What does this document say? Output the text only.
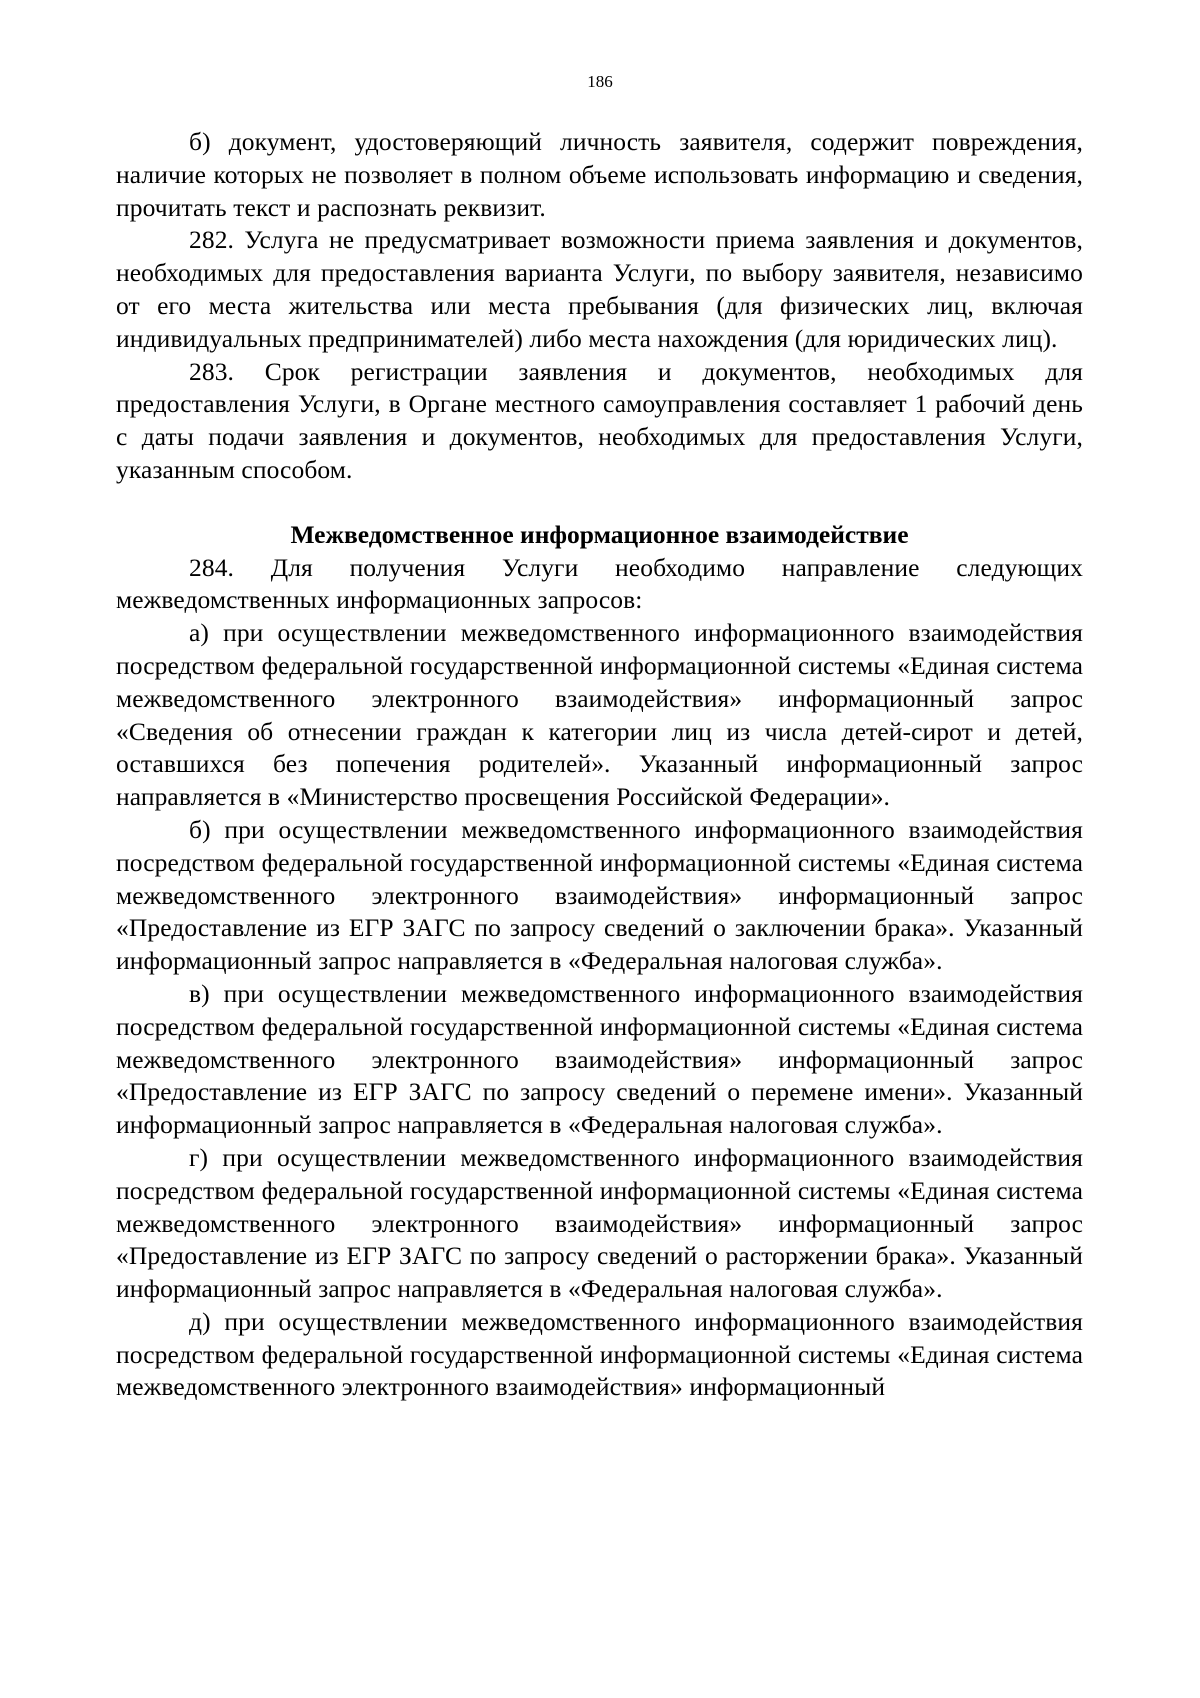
186

б) документ, удостоверяющий личность заявителя, содержит повреждения, наличие которых не позволяет в полном объеме использовать информацию и сведения, прочитать текст и распознать реквизит.

282. Услуга не предусматривает возможности приема заявления и документов, необходимых для предоставления варианта Услуги, по выбору заявителя, независимо от его места жительства или места пребывания (для физических лиц, включая индивидуальных предпринимателей) либо места нахождения (для юридических лиц).

283. Срок регистрации заявления и документов, необходимых для предоставления Услуги, в Органе местного самоуправления составляет 1 рабочий день с даты подачи заявления и документов, необходимых для предоставления Услуги, указанным способом.

Межведомственное информационное взаимодействие

284. Для получения Услуги необходимо направление следующих межведомственных информационных запросов:

а) при осуществлении межведомственного информационного взаимодействия посредством федеральной государственной информационной системы «Единая система межведомственного электронного взаимодействия» информационный запрос «Сведения об отнесении граждан к категории лиц из числа детей-сирот и детей, оставшихся без попечения родителей». Указанный информационный запрос направляется в «Министерство просвещения Российской Федерации».

б) при осуществлении межведомственного информационного взаимодействия посредством федеральной государственной информационной системы «Единая система межведомственного электронного взаимодействия» информационный запрос «Предоставление из ЕГР ЗАГС по запросу сведений о заключении брака». Указанный информационный запрос направляется в «Федеральная налоговая служба».

в) при осуществлении межведомственного информационного взаимодействия посредством федеральной государственной информационной системы «Единая система межведомственного электронного взаимодействия» информационный запрос «Предоставление из ЕГР ЗАГС по запросу сведений о перемене имени». Указанный информационный запрос направляется в «Федеральная налоговая служба».

г) при осуществлении межведомственного информационного взаимодействия посредством федеральной государственной информационной системы «Единая система межведомственного электронного взаимодействия» информационный запрос «Предоставление из ЕГР ЗАГС по запросу сведений о расторжении брака». Указанный информационный запрос направляется в «Федеральная налоговая служба».

д) при осуществлении межведомственного информационного взаимодействия посредством федеральной государственной информационной системы «Единая система межведомственного электронного взаимодействия» информационный
